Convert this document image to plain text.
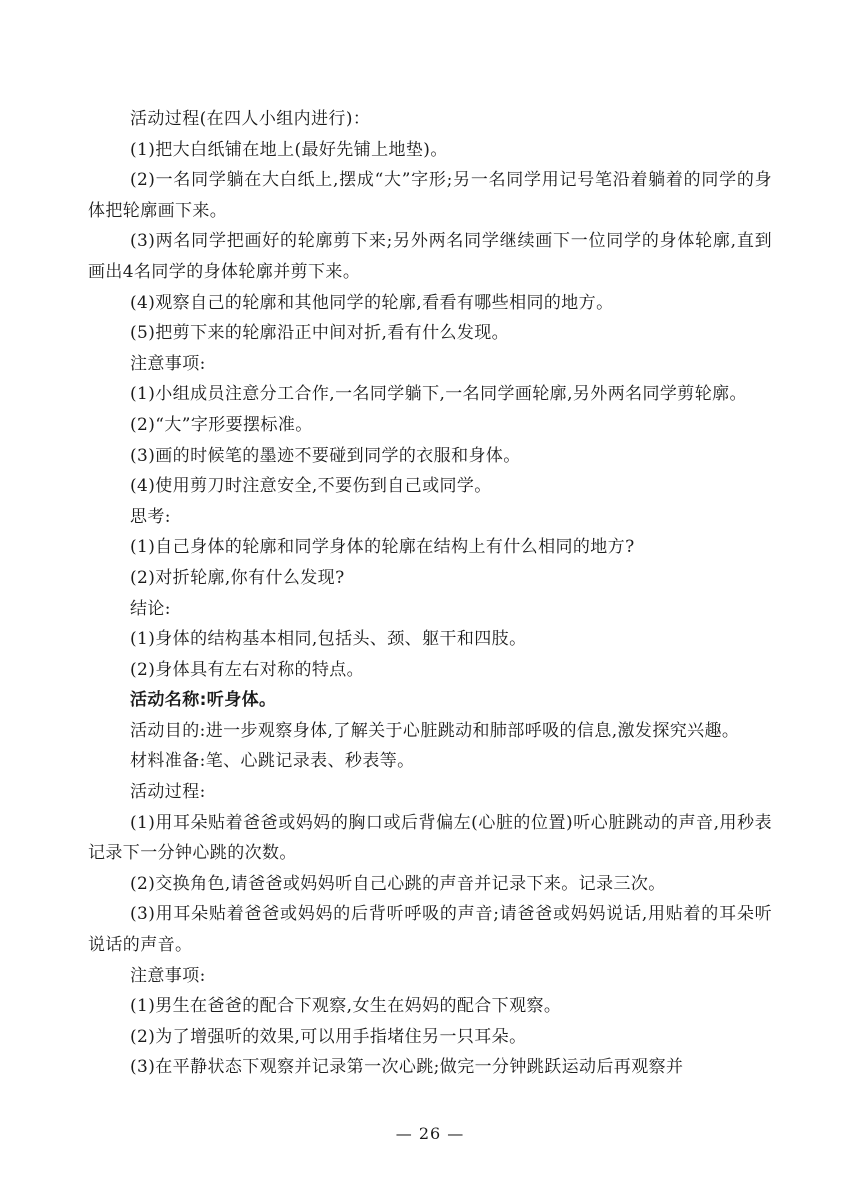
活动过程(在四人小组内进行)：

(1)把大白纸铺在地上(最好先铺上地垫)。

(2)一名同学躺在大白纸上,摆成“大”字形;另一名同学用记号笔沿着躺着的同学的身体把轮廓画下来。

(3)两名同学把画好的轮廓剪下来;另外两名同学继续画下一位同学的身体轮廓,直到画出4名同学的身体轮廓并剪下来。

(4)观察自己的轮廓和其他同学的轮廓,看看有哪些相同的地方。

(5)把剪下来的轮廓沿正中间对折,看有什么发现。

注意事项:

(1)小组成员注意分工合作,一名同学躺下,一名同学画轮廓,另外两名同学剪轮廓。

(2)“大”字形要摆标准。

(3)画的时候笔的墨迹不要碰到同学的衣服和身体。

(4)使用剪刀时注意安全,不要伤到自己或同学。

思考:

(1)自己身体的轮廓和同学身体的轮廓在结构上有什么相同的地方?

(2)对折轮廓,你有什么发现?

结论:

(1)身体的结构基本相同,包括头、颈、躯干和四肢。

(2)身体具有左右对称的特点。

活动名称:听身体。

活动目的:进一步观察身体,了解关于心脏跳动和肺部呼吸的信息,激发探究兴趣。

材料准备:笔、心跳记录表、秒表等。

活动过程:

(1)用耳朵贴着爸爸或妈妈的胸口或后背偏左(心脏的位置)听心脏跳动的声音,用秒表记录下一分钟心跳的次数。

(2)交换角色,请爸爸或妈妈听自己心跳的声音并记录下来。记录三次。

(3)用耳朵贴着爸爸或妈妈的后背听呼吸的声音;请爸爸或妈妈说话,用贴着的耳朵听说话的声音。

注意事项:

(1)男生在爸爸的配合下观察,女生在妈妈的配合下观察。

(2)为了增强听的效果,可以用手指堵住另一只耳朵。

(3)在平静状态下观察并记录第一次心跳;做完一分钟跳跃运动后再观察并

— 26 —
